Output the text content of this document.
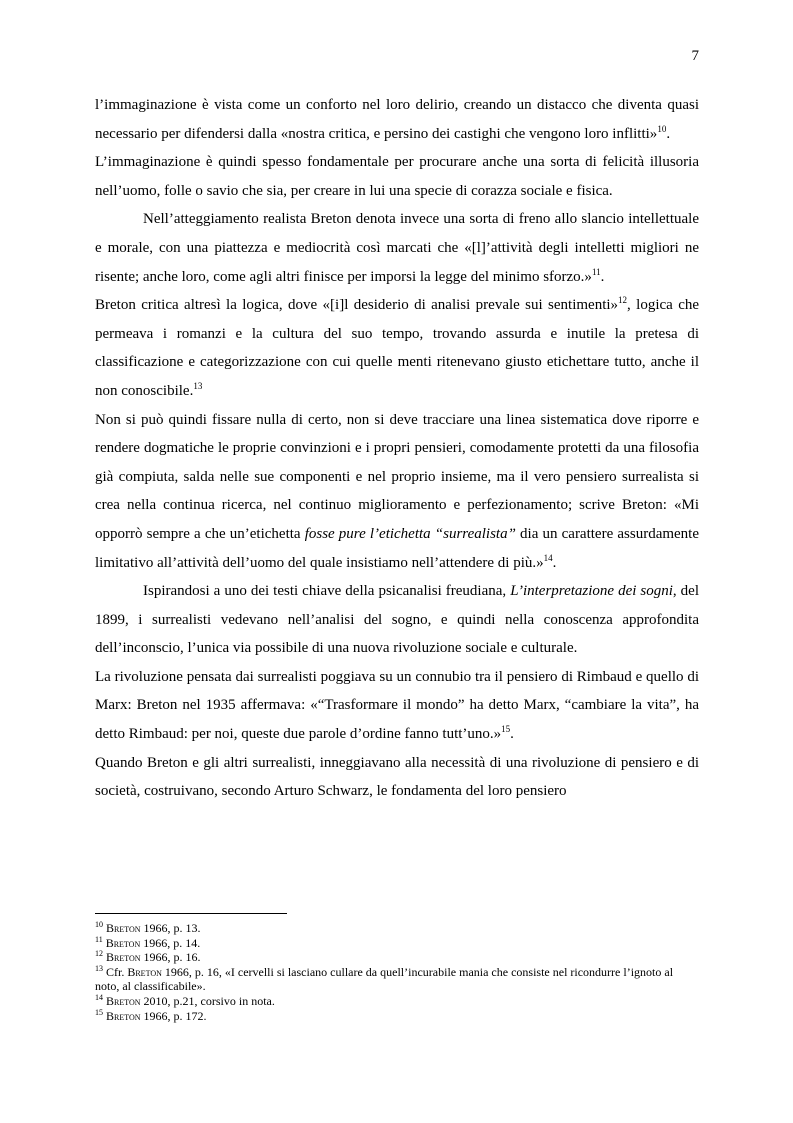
7

l’immaginazione è vista come un conforto nel loro delirio, creando un distacco che diventa quasi necessario per difendersi dalla «nostra critica, e persino dei castighi che vengono loro inflitti»$^{10}$.

L’immaginazione è quindi spesso fondamentale per procurare anche una sorta di felicità illusoria nell’uomo, folle o savio che sia, per creare in lui una specie di corazza sociale e fisica.

Nell’atteggiamento realista Breton denota invece una sorta di freno allo slancio intellettuale e morale, con una piattezza e mediocrità così marcati che «[l]’attività degli intelletti migliori ne risente; anche loro, come agli altri finisce per imporsi la legge del minimo sforzo.»$^{11}$.

Breton critica altresì la logica, dove «[i]l desiderio di analisi prevale sui sentimenti»$^{12}$, logica che permeava i romanzi e la cultura del suo tempo, trovando assurda e inutile la pretesa di classificazione e categorizzazione con cui quelle menti ritenevano giusto etichettare tutto, anche il non conoscibile.$^{13}$

Non si può quindi fissare nulla di certo, non si deve tracciare una linea sistematica dove riporre e rendere dogmatiche le proprie convinzioni e i propri pensieri, comodamente protetti da una filosofia già compiuta, salda nelle sue componenti e nel proprio insieme, ma il vero pensiero surrealista si crea nella continua ricerca, nel continuo miglioramento e perfezionamento; scrive Breton: «Mi opporrò sempre a che un’etichetta fosse pure l’etichetta “surrealista” dia un carattere assurdamente limitativo all’attività dell’uomo del quale insistiamo nell’attendere di più.»$^{14}$.

Ispirandosi a uno dei testi chiave della psicanalisi freudiana, L’interpretazione dei sogni, del 1899, i surrealisti vedevano nell’analisi del sogno, e quindi nella conoscenza approfondita dell’inconscio, l’unica via possibile di una nuova rivoluzione sociale e culturale.

La rivoluzione pensata dai surrealisti poggiava su un connubio tra il pensiero di Rimbaud e quello di Marx: Breton nel 1935 affermava: «“Trasformare il mondo” ha detto Marx, “cambiare la vita”, ha detto Rimbaud: per noi, queste due parole d’ordine fanno tutt’uno.»$^{15}$.

Quando Breton e gli altri surrealisti, inneggiavano alla necessità di una rivoluzione di pensiero e di società, costruivano, secondo Arturo Schwarz, le fondamenta del loro pensiero

$^{10}$ Breton 1966, p. 13.

$^{11}$ Breton 1966, p. 14.

$^{12}$ Breton 1966, p. 16.

$^{13}$ Cfr. Breton 1966, p. 16, «I cervelli si lasciano cullare da quell’incurabile mania che consiste nel ricondurre l’ignoto al noto, al classificabile».

$^{14}$ Breton 2010, p.21, corsivo in nota.

$^{15}$ Breton 1966, p. 172.
